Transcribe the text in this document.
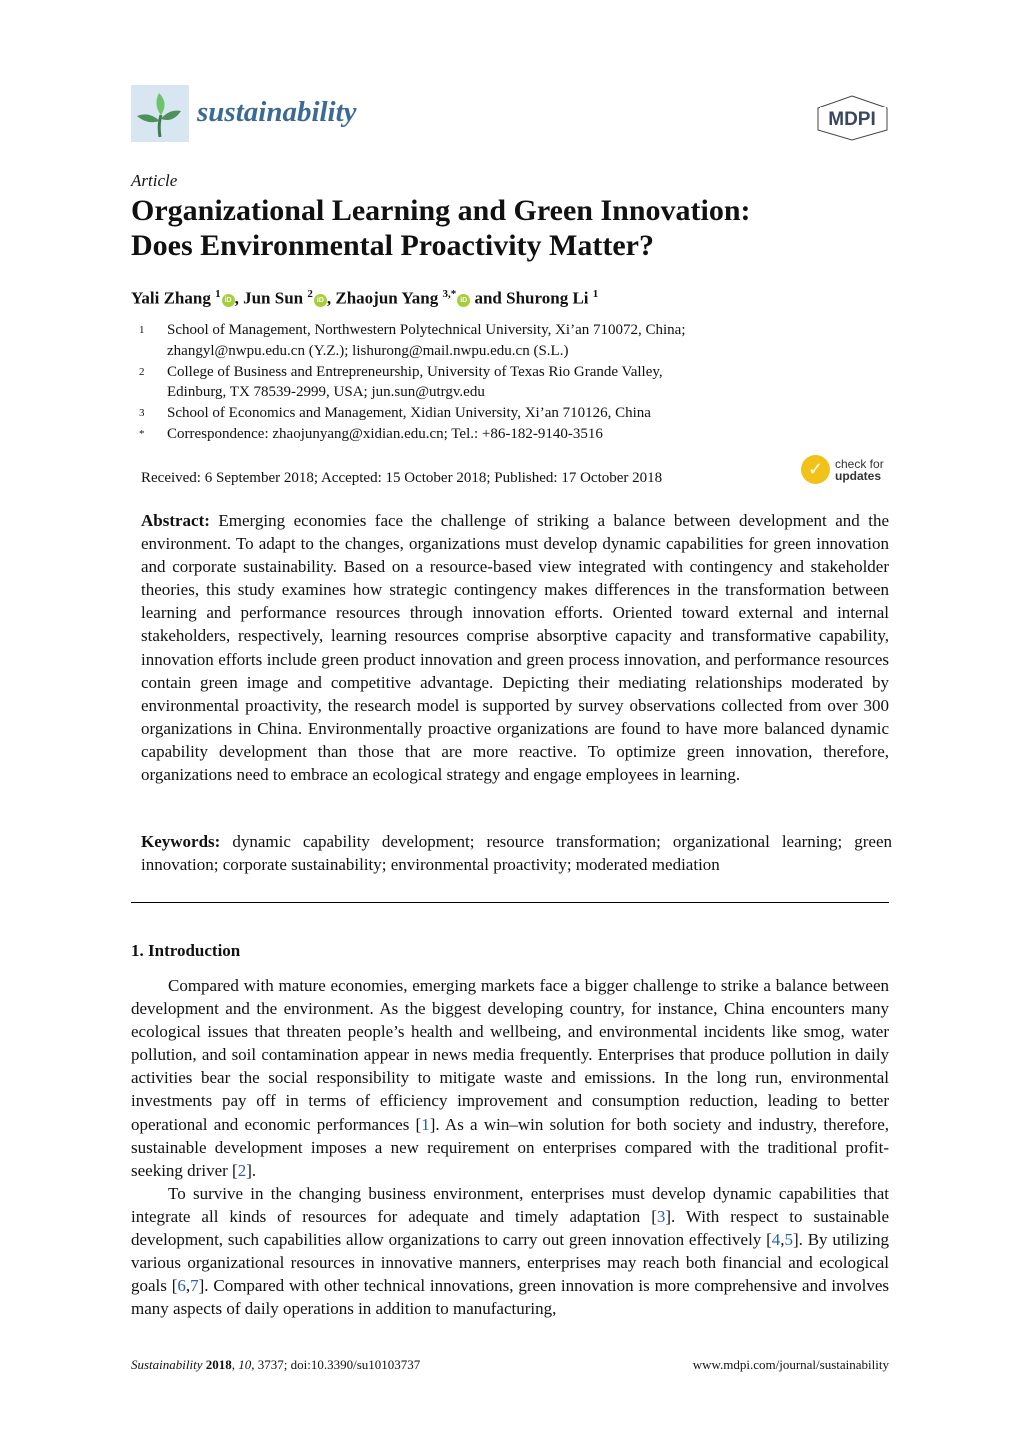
sustainability	MDPI
Article
Organizational Learning and Green Innovation:
Does Environmental Proactivity Matter?
Yali Zhang $^1$iD , Jun Sun $^2$iD , Zhaojun Yang $^{3,*}$iD and Shurong Li $^1$
1	School of Management, Northwestern Polytechnical University, Xi’an 710072, China;
zhangyl@nwpu.edu.cn (Y.Z.); lishurong@mail.nwpu.edu.cn (S.L.)
2	College of Business and Entrepreneurship, University of Texas Rio Grande Valley,
Edinburg, TX 78539-2999, USA; jun.sun@utrgv.edu
3	School of Economics and Management, Xidian University, Xi’an 710126, China
*	Correspondence: zhaojunyang@xidian.edu.cn; Tel.: +86-182-9140-3516
Received: 6 September 2018; Accepted: 15 October 2018; Published: 17 October 2018	✓ check for
updates
Abstract: Emerging economies face the challenge of striking a balance between development and the environment. To adapt to the changes, organizations must develop dynamic capabilities for green innovation and corporate sustainability. Based on a resource-based view integrated with contingency and stakeholder theories, this study examines how strategic contingency makes differences in the transformation between learning and performance resources through innovation efforts. Oriented toward external and internal stakeholders, respectively, learning resources comprise absorptive capacity and transformative capability, innovation efforts include green product innovation and green process innovation, and performance resources contain green image and competitive advantage. Depicting their mediating relationships moderated by environmental proactivity, the research model is supported by survey observations collected from over 300 organizations in China. Environmentally proactive organizations are found to have more balanced dynamic capability development than those that are more reactive. To optimize green innovation, therefore, organizations need to embrace an ecological strategy and engage employees in learning.
Keywords: dynamic capability development; resource transformation; organizational learning; green innovation; corporate sustainability; environmental proactivity; moderated mediation
1. Introduction

Compared with mature economies, emerging markets face a bigger challenge to strike a balance between development and the environment. As the biggest developing country, for instance, China encounters many ecological issues that threaten people’s health and wellbeing, and environmental incidents like smog, water pollution, and soil contamination appear in news media frequently. Enterprises that produce pollution in daily activities bear the social responsibility to mitigate waste and emissions. In the long run, environmental investments pay off in terms of efficiency improvement and consumption reduction, leading to better operational and economic performances [1]. As a win–win solution for both society and industry, therefore, sustainable development imposes a new requirement on enterprises compared with the traditional profit-seeking driver [2].

To survive in the changing business environment, enterprises must develop dynamic capabilities that integrate all kinds of resources for adequate and timely adaptation [3]. With respect to sustainable development, such capabilities allow organizations to carry out green innovation effectively [4,5]. By utilizing various organizational resources in innovative manners, enterprises may reach both financial and ecological goals [6,7]. Compared with other technical innovations, green innovation is more comprehensive and involves many aspects of daily operations in addition to manufacturing,

Sustainability 2018, 10, 3737; doi:10.3390/su10103737	www.mdpi.com/journal/sustainability
